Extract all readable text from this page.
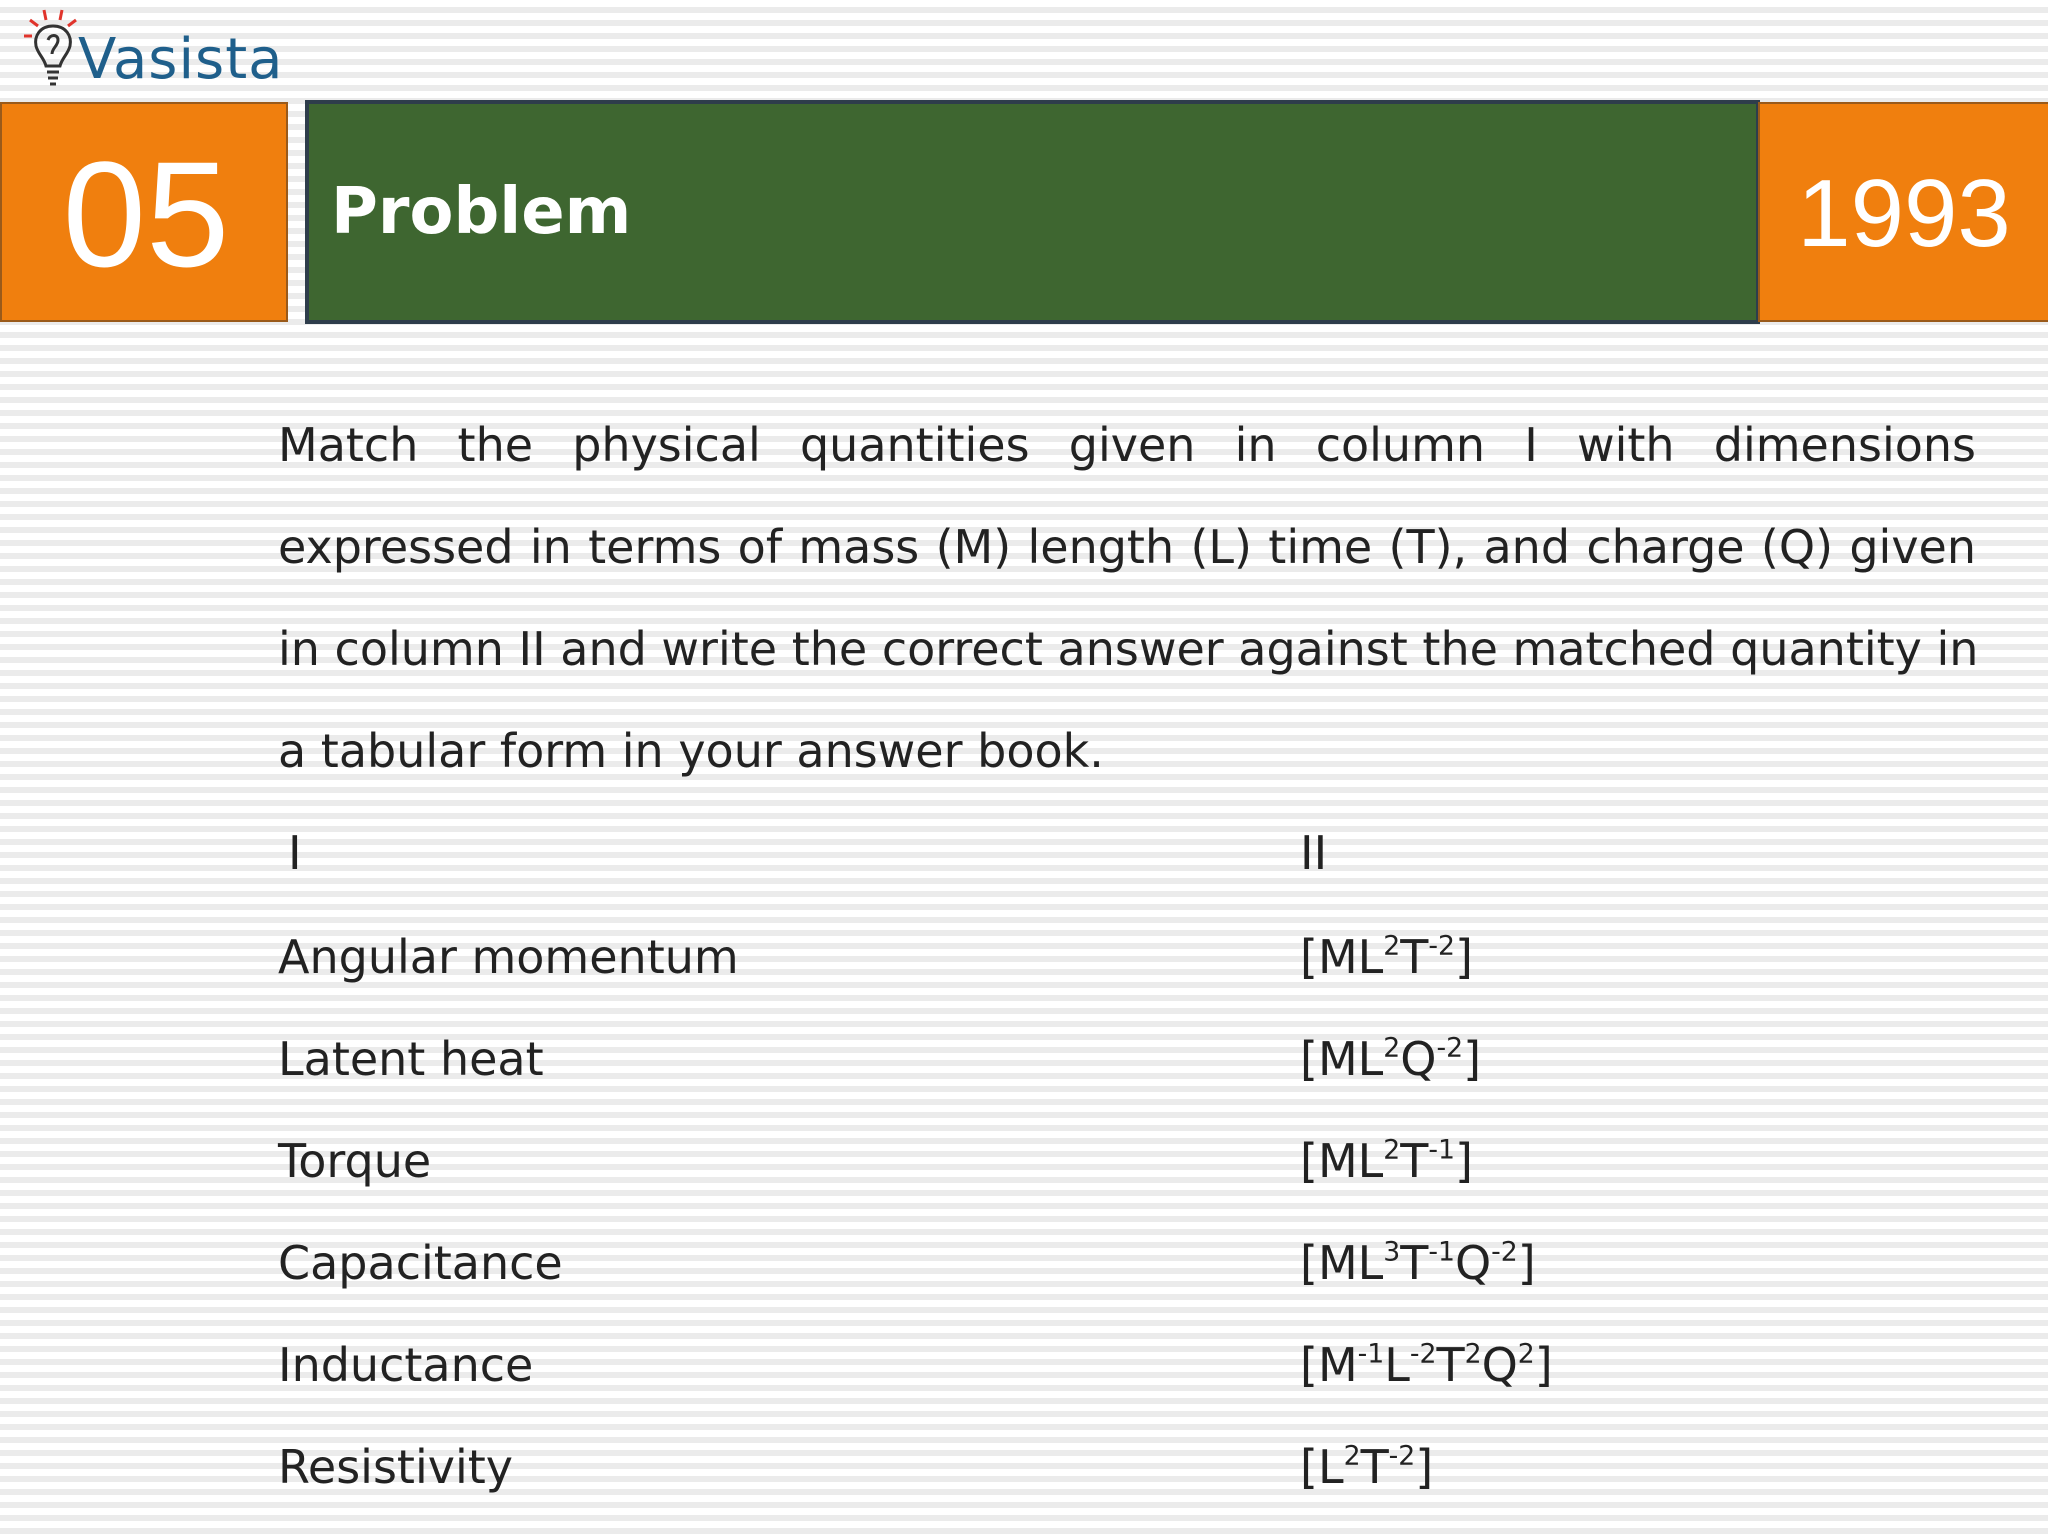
Vasista
05	Problem	1993
Match the physical quantities given in column I with dimensions
expressed in terms of mass (M) length (L) time (T), and charge (Q) given
in column II and write the correct answer against the matched quantity in
a tabular form in your answer book.
I	II
Angular momentum	$[ML^2T^{-2}]$
Latent heat	$[ML^2Q^{-2}]$
Torque	$[ML^2T^{-1}]$
Capacitance	$[ML^3T^{-1}Q^{-2}]$
Inductance	$[M^{-1}L^{-2}T^2Q^2]$
Resistivity	$[L^2T^{-2}]$
